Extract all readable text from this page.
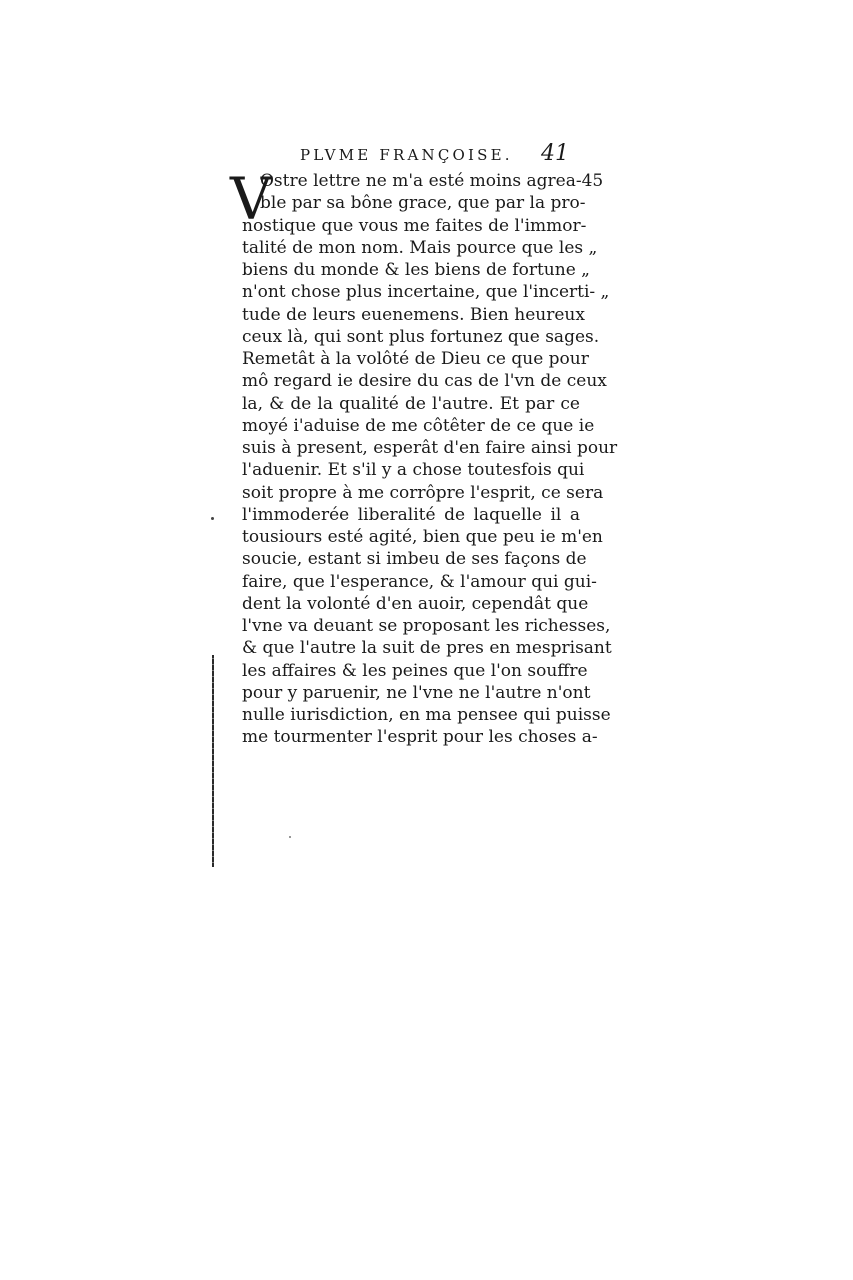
PLVME FRANÇOISE. 41
V
Ostre lettre ne m'a esté moins agrea-45
ble par sa bône grace, que par la pro-
nostique que vous me faites de l'immor-
talité de mon nom. Mais pource que les „
biens du monde & les biens de fortune „
n'ont chose plus incertaine, que l'incerti- „
tude de leurs euenemens. Bien heureux
ceux là, qui sont plus fortunez que sages.
Remetât à la volôté de Dieu ce que pour
mô regard ie desire du cas de l'vn de ceux
la, & de la qualité de l'autre. Et par ce
moyé i'aduise de me côtêter de ce que ie
suis à present, esperât d'en faire ainsi pour
l'aduenir. Et s'il y a chose toutesfois qui
soit propre à me corrôpre l'esprit, ce sera
l'immoderée liberalité de laquelle il a
tousiours esté agité, bien que peu ie m'en
soucie, estant si imbeu de ses façons de
faire, que l'esperance, & l'amour qui gui-
dent la volonté d'en auoir, cependât que
l'vne va deuant se proposant les richesses,
& que l'autre la suit de pres en mesprisant
les affaires & les peines que l'on souffre
pour y paruenir, ne l'vne ne l'autre n'ont
nulle iurisdiction, en ma pensee qui puisse
me tourmenter l'esprit pour les choses a-
